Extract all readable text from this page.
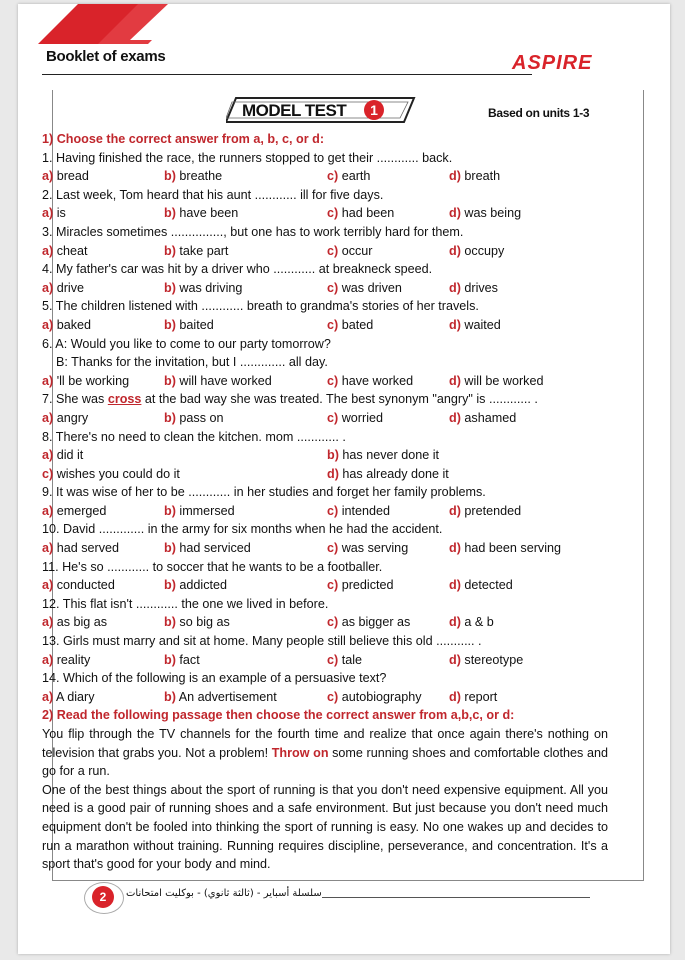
Booklet of exams	ASPIRE
MODEL TEST	1	Based on units 1-3
1) Choose the correct answer from a, b, c, or d:
1. Having finished the race, the runners stopped to get their ............ back.
a) bread	b) breathe	c) earth	d) breath
2. Last week, Tom heard that his aunt ............ ill for five days.
a) is	b) have been	c) had been	d) was being
3. Miracles sometimes ..............., but one has to work terribly hard for them.
a) cheat	b) take part	c) occur	d) occupy
4. My father's car was hit by a driver who ............ at breakneck speed.
a) drive	b) was driving	c) was driven	d) drives
5. The children listened with ............ breath to grandma's stories of her travels.
a) baked	b) baited	c) bated	d) waited
6. A: Would you like to come to our party tomorrow?
B: Thanks for the invitation, but I ............. all day.
a) 'll be working	b) will have worked	c) have worked	d) will be worked
7. She was cross at the bad way she was treated. The best synonym "angry" is ............ .
a) angry	b) pass on	c) worried	d) ashamed
8. There's no need to clean the kitchen. mom ............ .
a) did it	b) has never done it
c) wishes you could do it	d) has already done it
9. It was wise of her to be ............ in her studies and forget her family problems.
a) emerged	b) immersed	c) intended	d) pretended
10. David ............. in the army for six months when he had the accident.
a) had served	b) had serviced	c) was serving	d) had been serving
11. He's so ............ to soccer that he wants to be a footballer.
a) conducted	b) addicted	c) predicted	d) detected
12. This flat isn't ............ the one we lived in before.
a) as big as	b) so big as	c) as bigger as	d) a & b
13. Girls must marry and sit at home. Many people still believe this old ........... .
a) reality	b) fact	c) tale	d) stereotype
14. Which of the following is an example of a persuasive text?
a) A diary	b) An advertisement	c) autobiography d) report
2) Read the following passage then choose the correct answer from a,b,c, or d:
You flip through the TV channels for the fourth time and realize that once again there's nothing on television that grabs you. Not a problem! Throw on some running shoes and comfortable clothes and go for a run.
One of the best things about the sport of running is that you don't need expensive equipment. All you need is a good pair of running shoes and a safe environment. But just because you don't need much equipment don't be fooled into thinking the sport of running is easy. No one wakes up and decides to run a marathon without training. Running requires discipline, perseverance, and concentration. It's a sport that's good for your body and mind.
2	سلسلة أسباير - (ثالثة ثانوي) - بوكليت امتحانات
